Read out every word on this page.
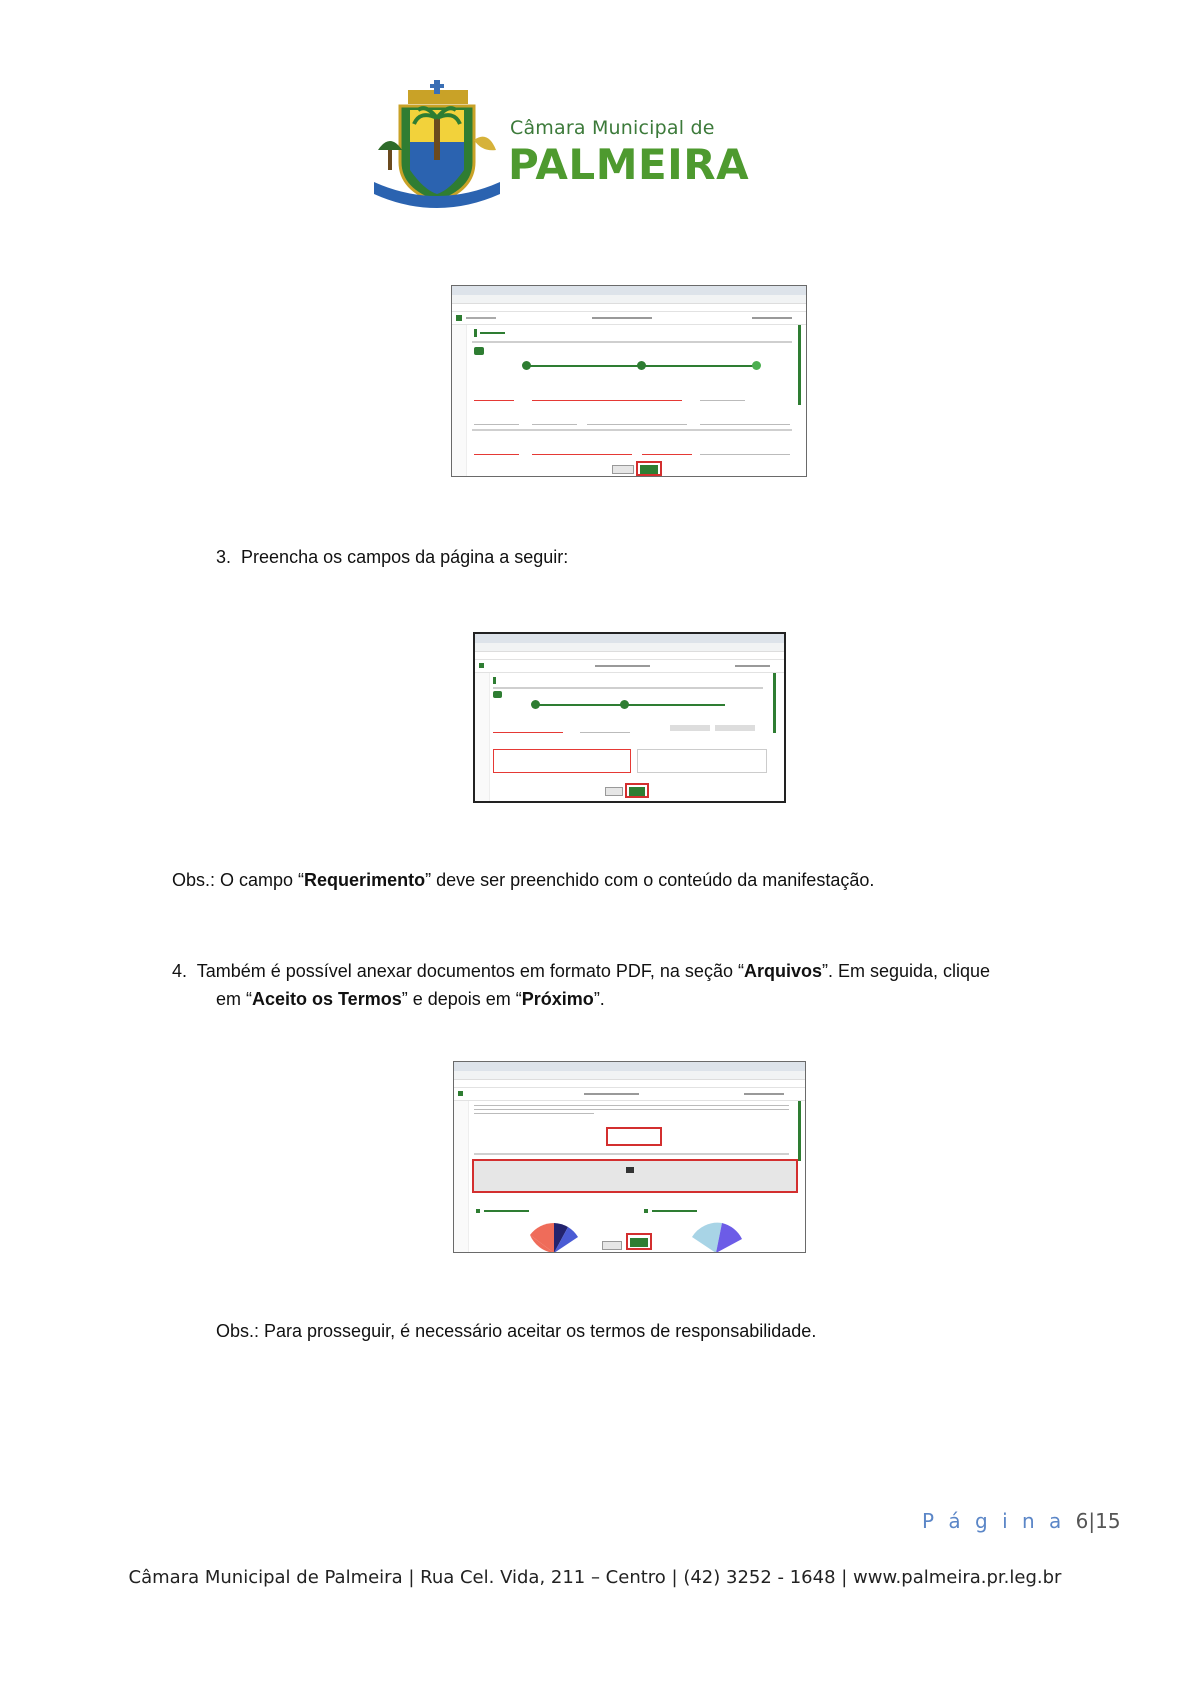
Câmara Municipal de
PALMEIRA
3. Preencha os campos da página a seguir:
Obs.: O campo “Requerimento” deve ser preenchido com o conteúdo da manifestação.
4. Também é possível anexar documentos em formato PDF, na seção “Arquivos”. Em seguida, clique
em “Aceito os Termos” e depois em “Próximo”.
Obs.: Para prosseguir, é necessário aceitar os termos de responsabilidade.
P á g i n a 6|15
Câmara Municipal de Palmeira | Rua Cel. Vida, 211 – Centro | (42) 3252 - 1648 | www.palmeira.pr.leg.br
